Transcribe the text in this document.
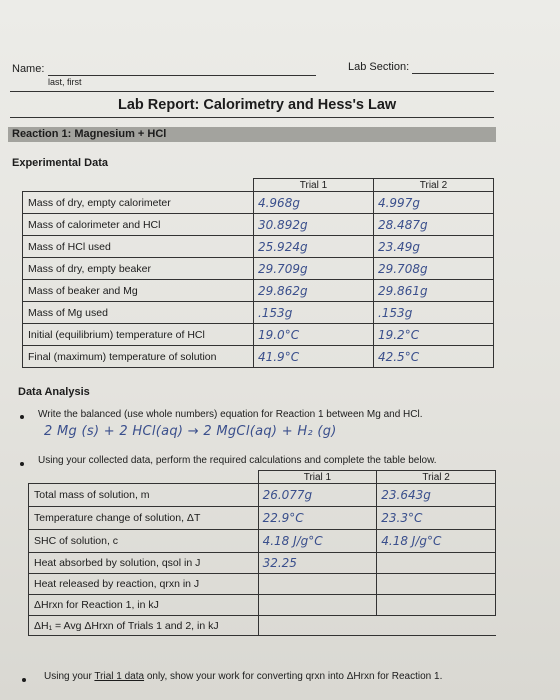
Name:
last, first
Lab Section:
Lab Report: Calorimetry and Hess's Law
Reaction 1: Magnesium + HCl
Experimental Data
	Trial 1	Trial 2
Mass of dry, empty calorimeter	4.968g	4.997g
Mass of calorimeter and HCl	30.892g	28.487g
Mass of HCl used	25.924g	23.49g
Mass of dry, empty beaker	29.709g	29.708g
Mass of beaker and Mg	29.862g	29.861g
Mass of Mg used	.153g	.153g
Initial (equilibrium) temperature of HCl	19.0°C	19.2°C
Final (maximum) temperature of solution	41.9°C	42.5°C
Data Analysis
Write the balanced (use whole numbers) equation for Reaction 1 between Mg and HCl.
2 Mg (s) + 2 HCl(aq) → 2 MgCl(aq) + H₂ (g)
Using your collected data, perform the required calculations and complete the table below.
	Trial 1	Trial 2
Total mass of solution, m	26.077g	23.643g
Temperature change of solution, ΔT	22.9°C	23.3°C
SHC of solution, c	4.18 J/g°C	4.18 J/g°C
Heat absorbed by solution, qsol in J	32.25	
Heat released by reaction, qrxn in J		
ΔHrxn for Reaction 1, in kJ		
ΔH₁ = Avg ΔHrxn of Trials 1 and 2, in kJ		
Using your Trial 1 data only, show your work for converting qrxn into ΔHrxn for Reaction 1.
